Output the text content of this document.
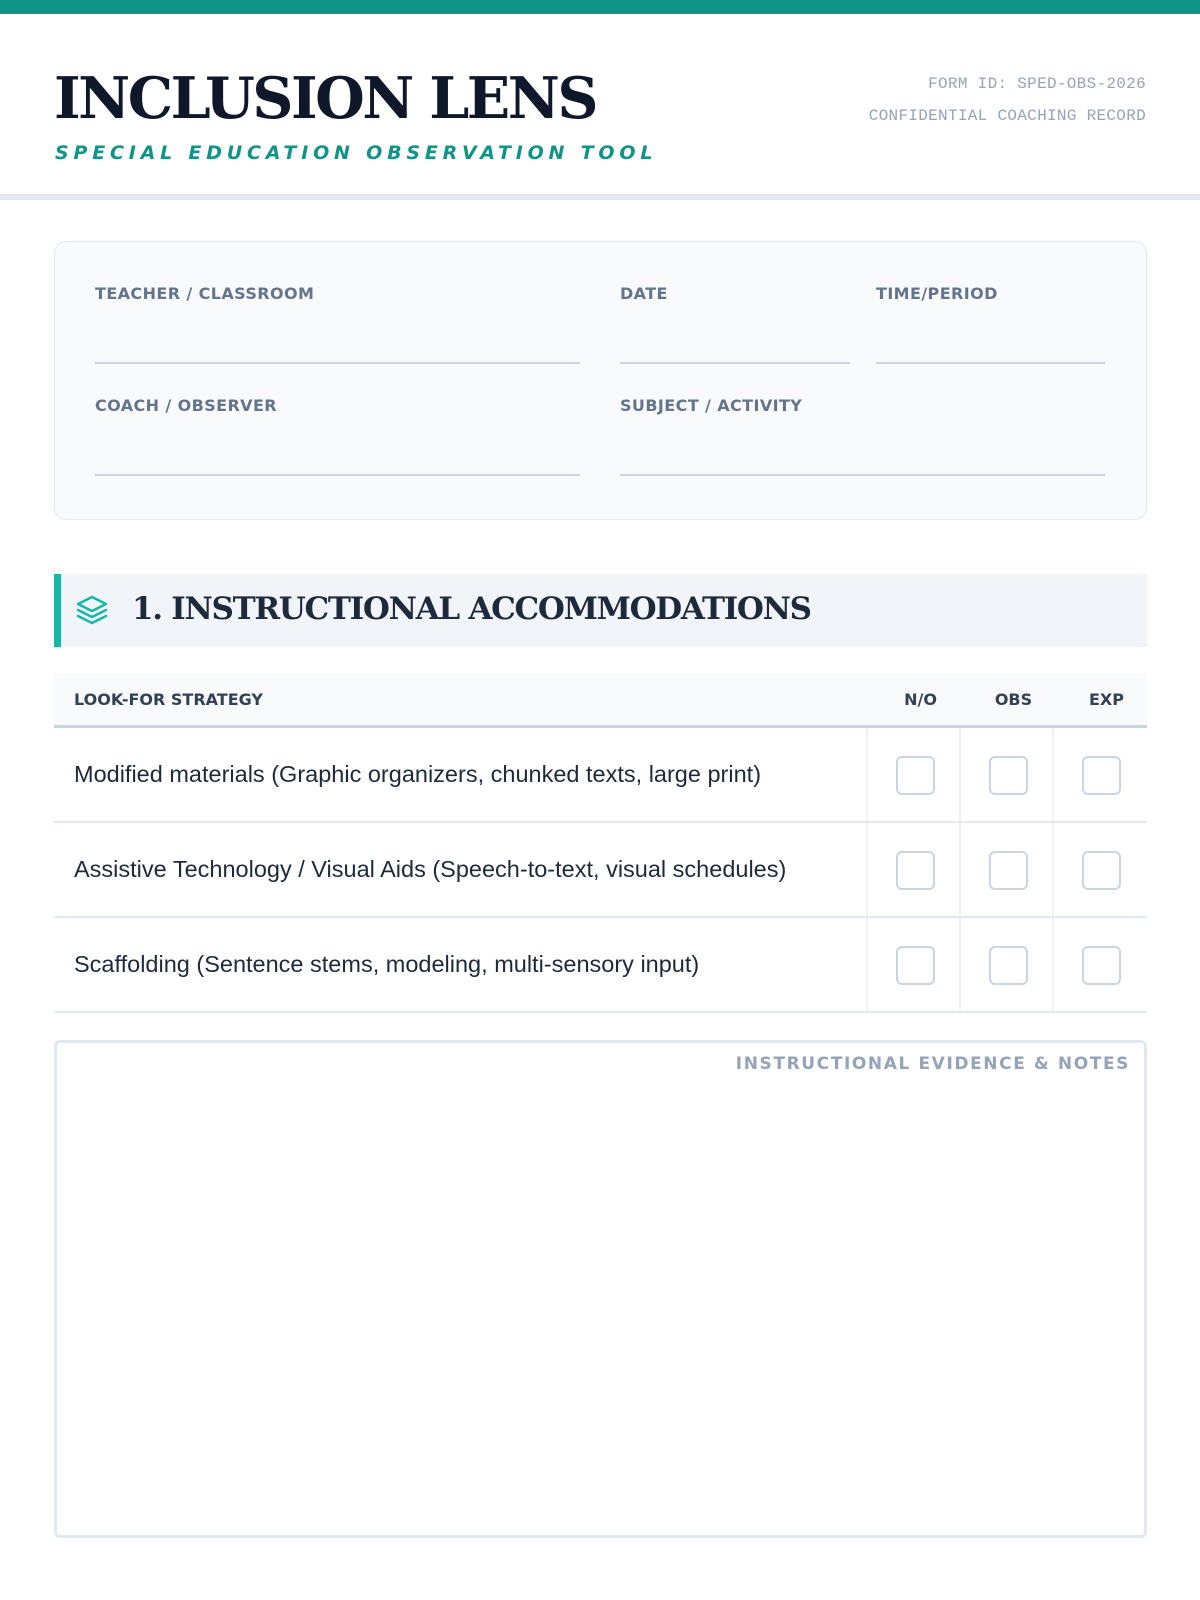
INCLUSION LENS
SPECIAL EDUCATION OBSERVATION TOOL
FORM ID: SPED-OBS-2026
CONFIDENTIAL COACHING RECORD
TEACHER / CLASSROOM	DATE	TIME/PERIOD
COACH / OBSERVER	SUBJECT / ACTIVITY
1. INSTRUCTIONAL ACCOMMODATIONS
LOOK-FOR STRATEGY	N/O	OBS	EXP
Modified materials (Graphic organizers, chunked texts, large print)
Assistive Technology / Visual Aids (Speech-to-text, visual schedules)
Scaffolding (Sentence stems, modeling, multi-sensory input)
INSTRUCTIONAL EVIDENCE & NOTES
